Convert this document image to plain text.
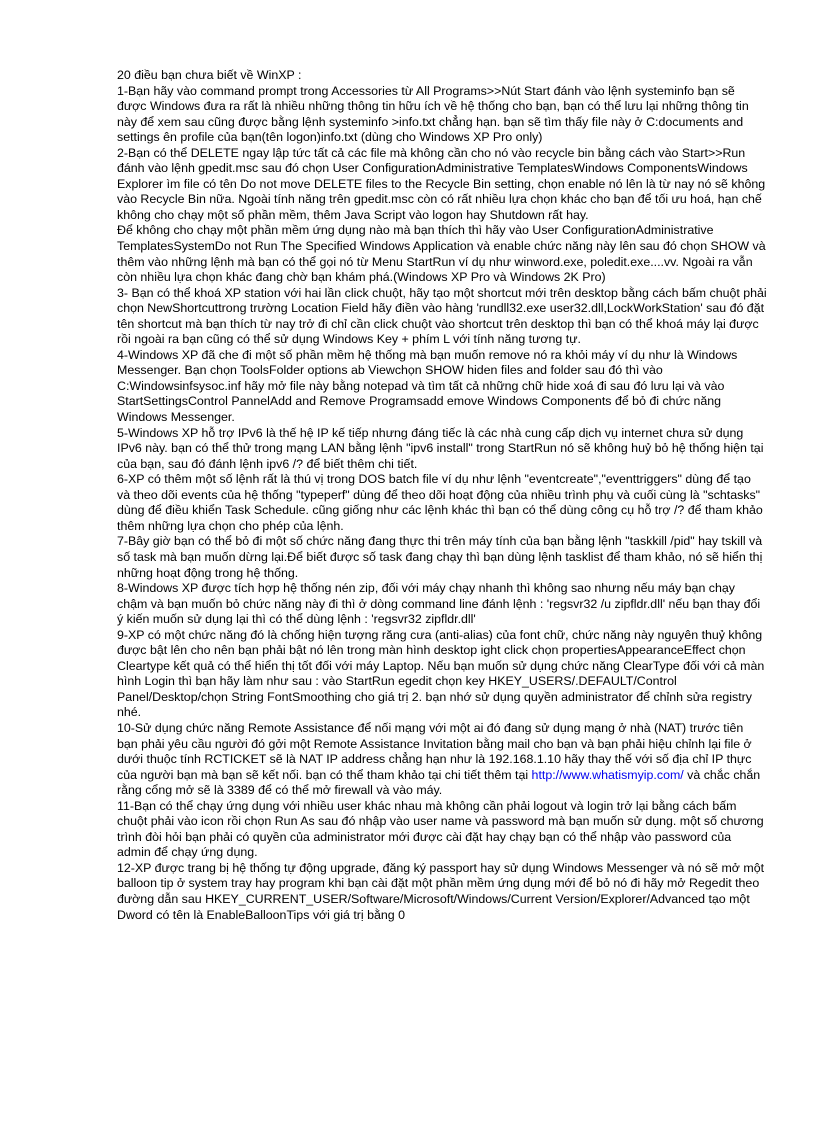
20 điều bạn chưa biết về WinXP :

1-Bạn hãy vào command prompt trong Accessories từ All Programs>>Nút Start đánh vào lệnh systeminfo bạn sẽ được Windows đưa ra rất là nhiều những thông tin hữu ích về hệ thống cho bạn, bạn có thể lưu lại những thông tin này để xem sau cũng được bằng lệnh systeminfo >info.txt chẳng hạn. bạn sẽ tìm thấy file này ở C:documents and settings ên profile của bạn(tên logon)info.txt (dùng cho Windows XP Pro only)

2-Bạn có thể DELETE ngay lập tức tất cả các file mà không cần cho nó vào recycle bin bằng cách vào Start>>Run đánh vào lệnh gpedit.msc sau đó chọn User ConfigurationAdministrative TemplatesWindows ComponentsWindows Explorer ìm file có tên Do not move DELETE files to the Recycle Bin setting, chọn enable nó lên là từ nay nó sẽ không vào Recycle Bin nữa. Ngoài tính năng trên gpedit.msc còn có rất nhiều lựa chọn khác cho bạn để tối ưu hoá, hạn chế không cho chạy một số phần mềm, thêm Java Script vào logon hay Shutdown rất hay.

Để không cho chạy một phần mềm ứng dụng nào mà bạn thích thì hãy vào User ConfigurationAdministrative TemplatesSystemDo not Run The Specified Windows Application và enable chức năng này lên sau đó chọn SHOW và thêm vào những lệnh mà bạn có thể gọi nó từ Menu StartRun ví dụ như winword.exe, poledit.exe....vv. Ngoài ra vẫn còn nhiều lựa chọn khác đang chờ bạn khám phá.(Windows XP Pro và Windows 2K Pro)

3- Bạn có thể khoá XP station với hai lần click chuột, hãy tạo một shortcut mới trên desktop bằng cách bấm chuột phải chọn NewShortcuttrong trường Location Field hãy điền vào hàng 'rundll32.exe user32.dll,LockWorkStation' sau đó đặt tên shortcut mà bạn thích từ nay trở đi chỉ cần click chuột vào shortcut trên desktop thì bạn có thể khoá máy lại được rồi ngoài ra bạn cũng có thể sử dụng Windows Key + phím L với tính năng tương tự.

4-Windows XP đã che đi một số phần mềm hệ thống mà bạn muốn remove nó ra khỏi máy ví dụ như là Windows Messenger. Bạn chọn ToolsFolder options ab Viewchọn SHOW hiden files and folder sau đó thì vào C:Windowsinfsysoc.inf hãy mở file này bằng notepad và tìm tất cả những chữ hide xoá đi sau đó lưu lại và vào StartSettingsControl PannelAdd and Remove Programsadd emove Windows Components để bỏ đi chức năng Windows Messenger.

5-Windows XP hỗ trợ IPv6 là thế hệ IP kế tiếp nhưng đáng tiếc là các nhà cung cấp dịch vụ internet chưa sử dụng IPv6 này. bạn có thể thử trong mạng LAN bằng lệnh "ipv6 install" trong StartRun nó sẽ không huỷ bỏ hệ thống hiện tại của bạn, sau đó đánh lệnh ipv6 /? để biết thêm chi tiết.

6-XP có thêm một số lệnh rất là thú vị trong DOS batch file ví dụ như lệnh "eventcreate","eventtriggers" dùng để tạo và theo dõi events của hệ thống "typeperf" dùng để theo dõi hoạt động của nhiều trình phụ và cuối cùng là "schtasks" dùng để điều khiển Task Schedule. cũng giống như các lệnh khác thì bạn có thể dùng công cụ hỗ trợ /? để tham khảo thêm những lựa chọn cho phép của lệnh.

7-Bây giờ bạn có thể bỏ đi một số chức năng đang thực thi trên máy tính của bạn bằng lệnh "taskkill /pid" hay tskill và số task mà bạn muốn dừng lại.Để biết được số task đang chạy thì bạn dùng lệnh tasklist để tham khảo, nó sẽ hiển thị những hoạt động trong hệ thống.

8-Windows XP được tích hợp hệ thống nén zip, đối với máy chạy nhanh thì không sao nhưng nếu máy bạn chạy chậm và bạn muốn bỏ chức năng này đi thì ở dòng command line đánh lệnh : 'regsvr32 /u zipfldr.dll' nếu bạn thay đổi ý kiến muốn sử dụng lại thì có thể dùng lệnh : 'regsvr32 zipfldr.dll'

9-XP có một chức năng đó là chống hiện tượng răng cưa (anti-alias) của font chữ, chức năng này nguyên thuỷ không được bật lên cho nên bạn phải bật nó lên trong màn hình desktop ight click chọn propertiesAppearanceEffect chọn Cleartype kết quả có thể hiển thị tốt đối với máy Laptop. Nếu bạn muốn sử dụng chức năng ClearType đối với cả màn hình Login thì bạn hãy làm như sau : vào StartRun egedit chọn key HKEY_USERS/.DEFAULT/Control Panel/Desktop/chọn String FontSmoothing cho giá trị 2. bạn nhớ sử dụng quyền administrator để chỉnh sửa registry nhé.

10-Sử dụng chức năng Remote Assistance để nối mạng với một ai đó đang sử dụng mạng ở nhà (NAT) trước tiên bạn phải yêu cầu người đó gởi một Remote Assistance Invitation bằng mail cho bạn và bạn phải hiệu chỉnh lại file ở dưới thuộc tính RCTICKET sẽ là NAT IP address chẳng hạn như là 192.168.1.10 hãy thay thế với số địa chỉ IP thực của người bạn mà bạn sẽ kết nối. bạn có thể tham khảo tại chi tiết thêm tại http://www.whatismyip.com/ và chắc chắn rằng cổng mở sẽ là 3389 để có thể mở firewall và vào máy.

11-Bạn có thể chạy ứng dụng với nhiều user khác nhau mà không cần phải logout và login trở lại bằng cách bấm chuột phải vào icon rồi chọn Run As sau đó nhập vào user name và password mà bạn muốn sử dụng. một số chương trình đòi hỏi bạn phải có quyền của administrator mới được cài đặt hay chạy bạn có thể nhập vào password của admin để chạy ứng dụng.

12-XP được trang bị hệ thống tự động upgrade, đăng ký passport hay sử dụng Windows Messenger và nó sẽ mở một balloon tip ở system tray hay program khi bạn cài đặt một phần mềm ứng dụng mới để bỏ nó đi hãy mở Regedit theo đường dẫn sau HKEY_CURRENT_USER/Software/Microsoft/Windows/Current Version/Explorer/Advanced tạo một Dword có tên là EnableBalloonTips với giá trị bằng 0
